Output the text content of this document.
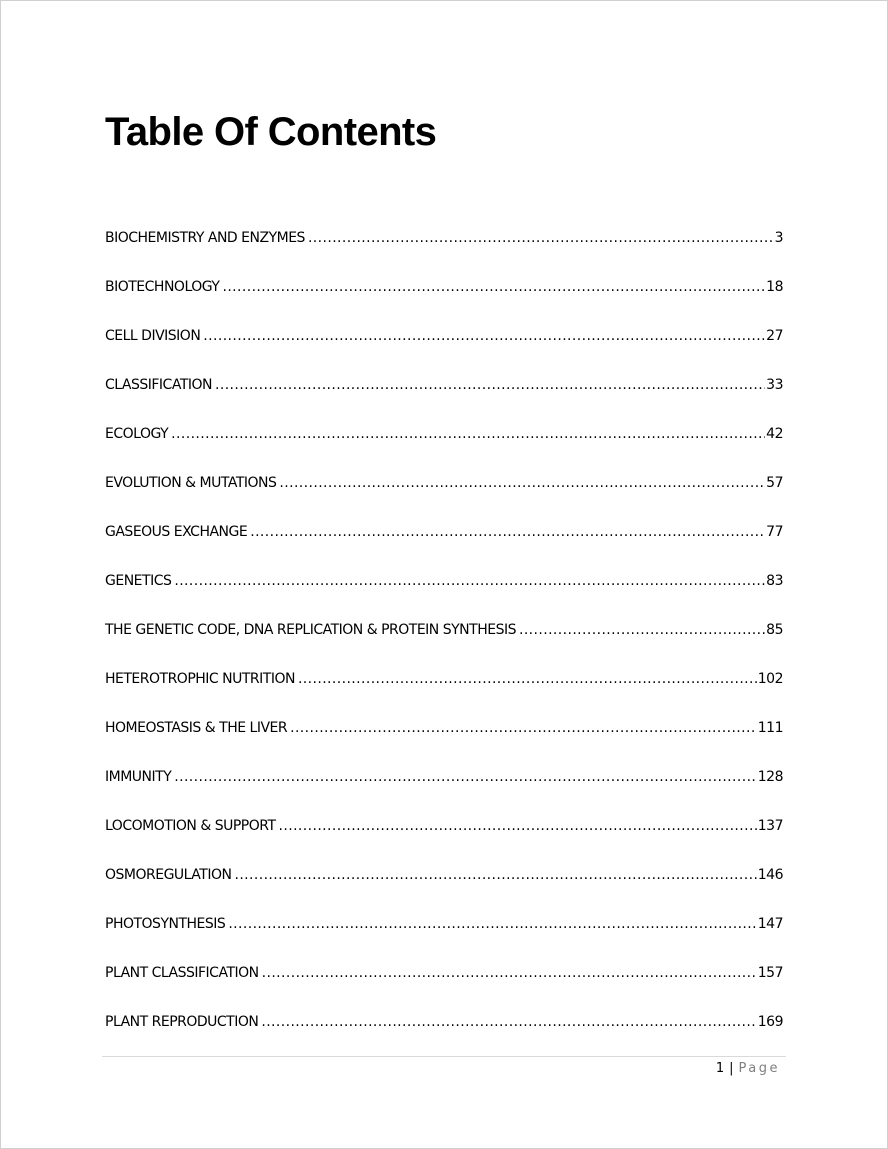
Table Of Contents
BIOCHEMISTRY AND ENZYMES .....	3
BIOTECHNOLOGY .....	18
CELL DIVISION .....	27
CLASSIFICATION .....	33
ECOLOGY .....	42
EVOLUTION & MUTATIONS .....	57
GASEOUS EXCHANGE .....	77
GENETICS .....	83
THE GENETIC CODE, DNA REPLICATION & PROTEIN SYNTHESIS .....	85
HETEROTROPHIC NUTRITION .....	102
HOMEOSTASIS & THE LIVER .....	111
IMMUNITY .....	128
LOCOMOTION & SUPPORT .....	137
OSMOREGULATION .....	146
PHOTOSYNTHESIS .....	147
PLANT CLASSIFICATION .....	157
PLANT REPRODUCTION .....	169
1 | Page
